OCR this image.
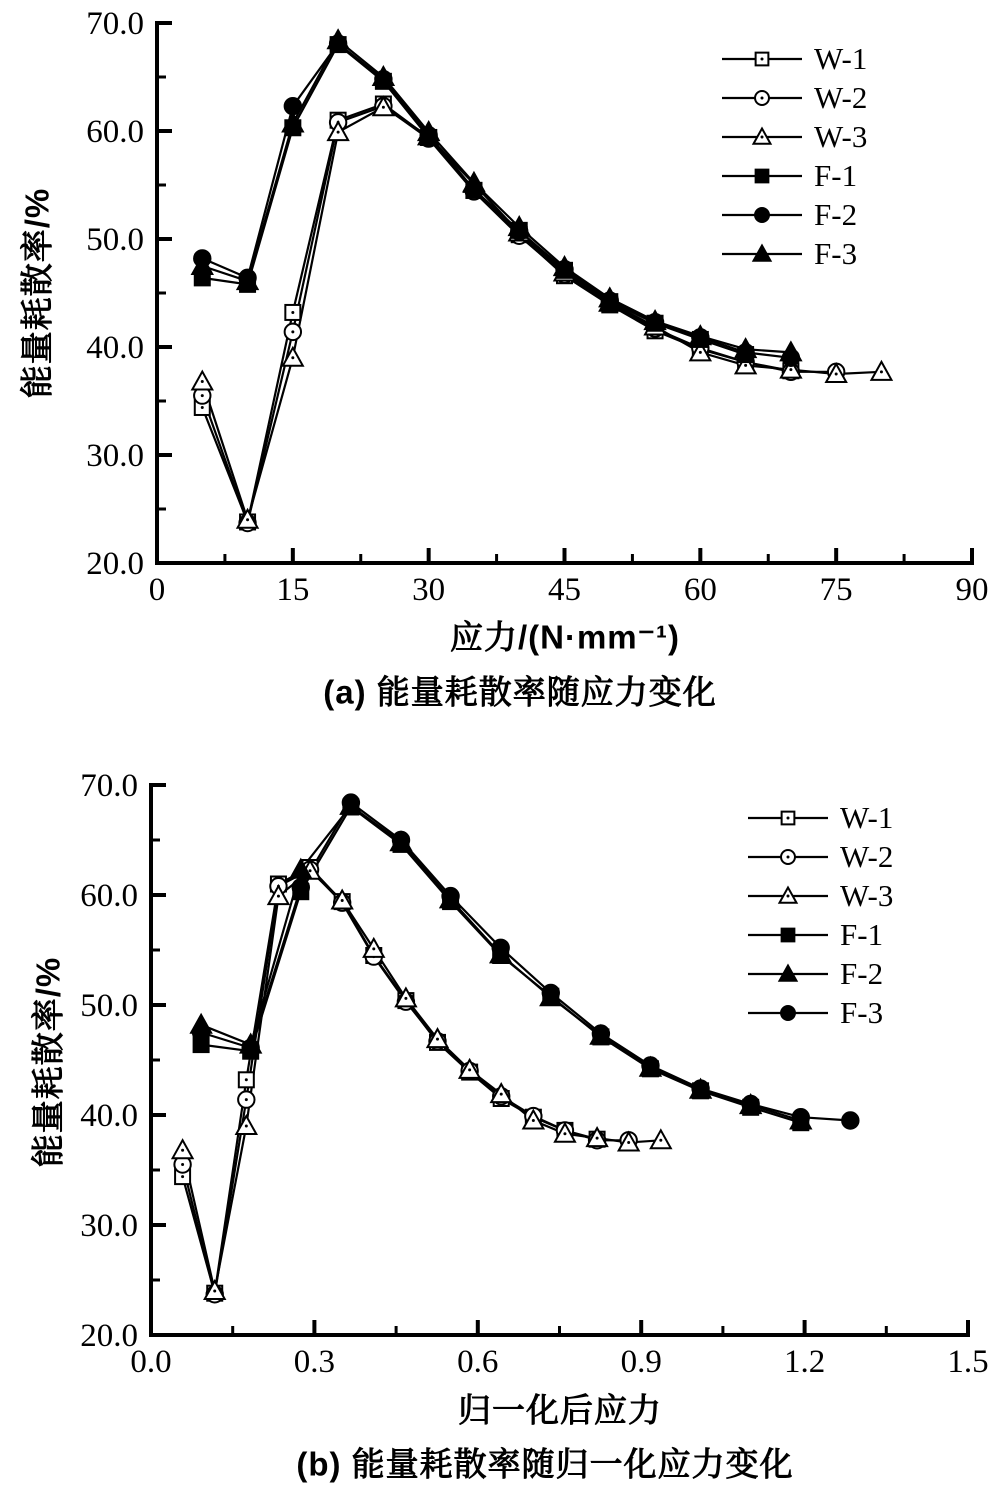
0	15	30	45	60	75	90
20.0
30.0
40.0
50.0
60.0
70.0
0.0	0.3	0.6	0.9	1.2	1.5
20.0
30.0
40.0
50.0
60.0
70.0
能量耗散率/%
应力/(N·mm⁻¹)
(a) 能量耗散率随应力变化
W-1
W-2
W-3
F-1
F-2
F-3
能量耗散率/%
归一化后应力
(b) 能量耗散率随归一化应力变化
W-1
W-2
W-3
F-1
F-2
F-3
